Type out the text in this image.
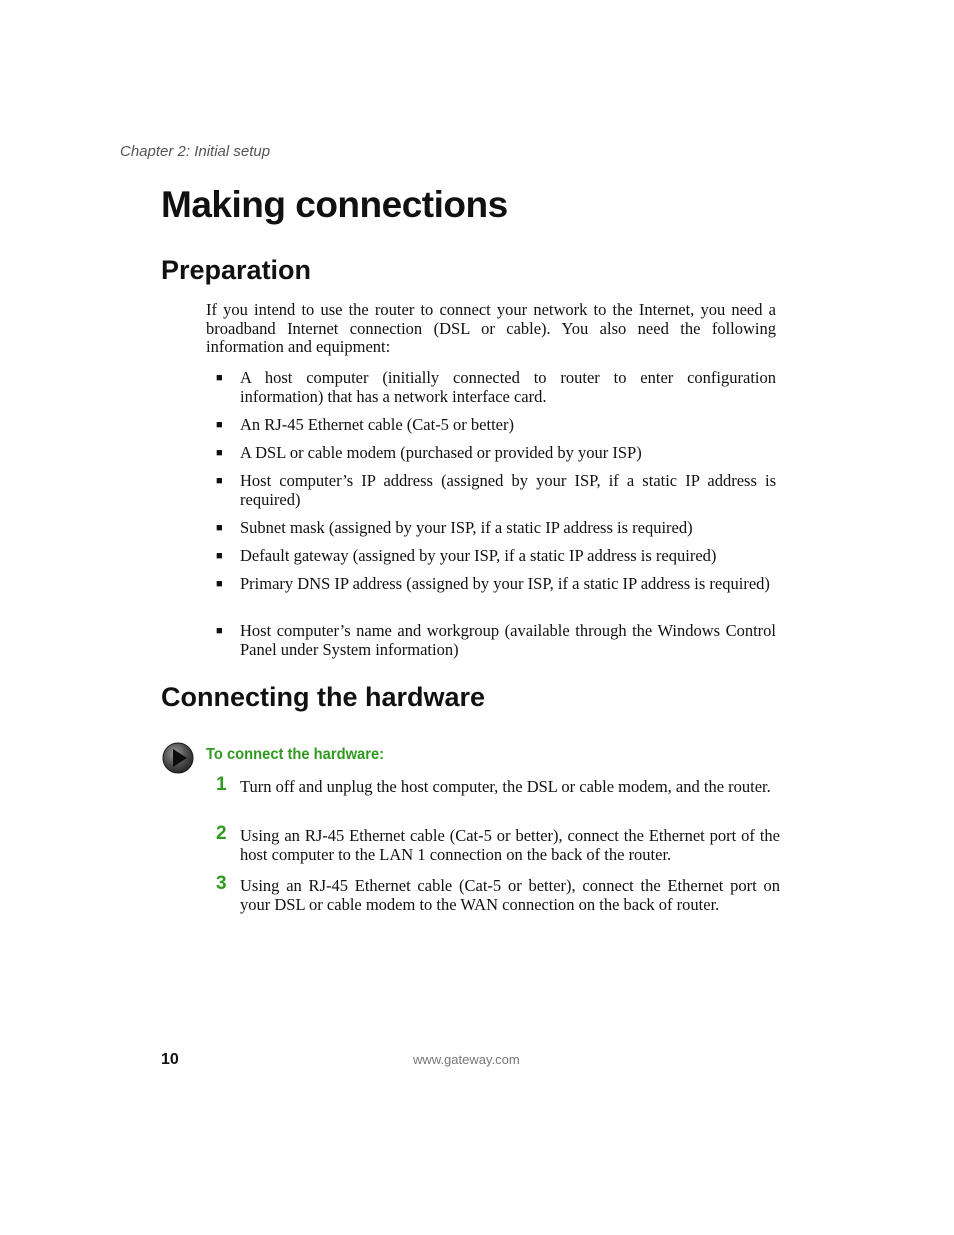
Chapter 2: Initial setup
Making connections
Preparation

If you intend to use the router to connect your network to the Internet, you need a broadband Internet connection (DSL or cable). You also need the following information and equipment:

■	A host computer (initially connected to router to enter configuration information) that has a network interface card.
■	An RJ-45 Ethernet cable (Cat-5 or better)
■	A DSL or cable modem (purchased or provided by your ISP)
■	Host computer’s IP address (assigned by your ISP, if a static IP address is required)
■	Subnet mask (assigned by your ISP, if a static IP address is required)
■	Default gateway (assigned by your ISP, if a static IP address is required)
■	Primary DNS IP address (assigned by your ISP, if a static IP address is required)
■	Host computer’s name and workgroup (available through the Windows Control Panel under System information)
Connecting the hardware
To connect the hardware:
1 Turn off and unplug the host computer, the DSL or cable modem, and the router.
2 Using an RJ-45 Ethernet cable (Cat-5 or better), connect the Ethernet port of the host computer to the LAN 1 connection on the back of the router.
3 Using an RJ-45 Ethernet cable (Cat-5 or better), connect the Ethernet port on your DSL or cable modem to the WAN connection on the back of router.
10	www.gateway.com
